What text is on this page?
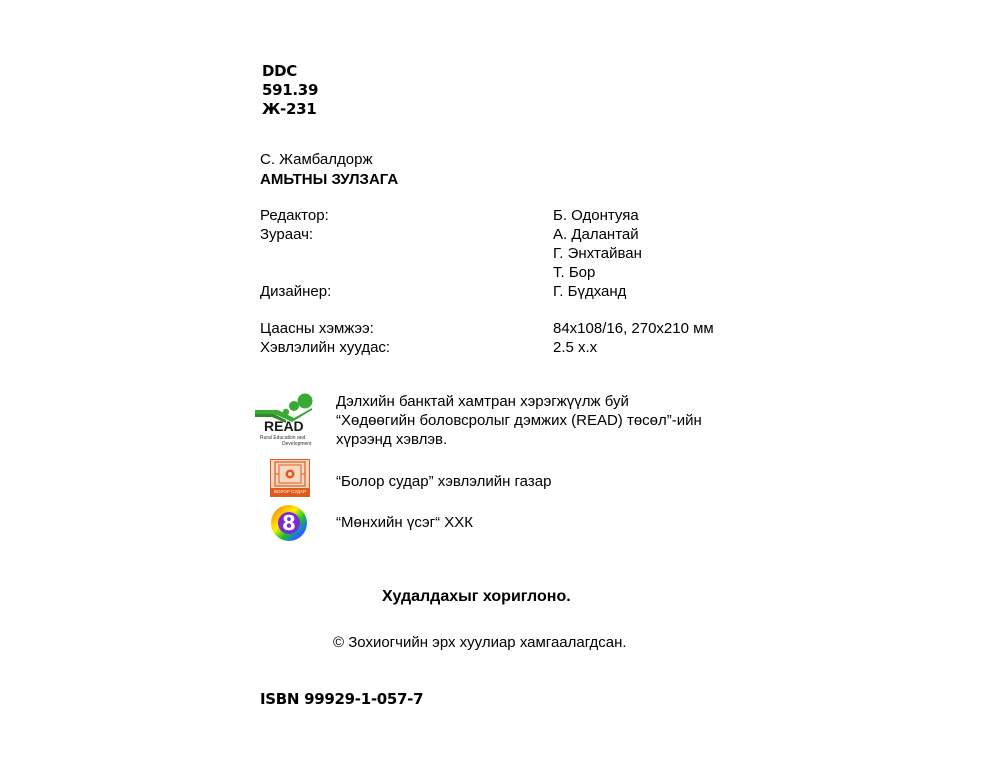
DDC
591.39
Ж-231
С. Жамбалдорж
АМЬТНЫ ЗУЛЗАГА
Редактор:	Б. Одонтуяа
Зураач:	А. Далантай
Г. Энхтайван
Т. Бор
Дизайнер:	Г. Бүдханд
Цаасны хэмжээ:	84x108/16, 270x210 мм
Хэвлэлийн хуудас:	2.5 х.х
READ
Rural Education and
Development
Дэлхийн банктай хамтран хэрэгжүүлж буй
“Хөдөөгийн боловсролыг дэмжих (READ) төсөл”-ийн
хүрээнд хэвлэв.
БОЛОР СУДАР
“Болор судар” хэвлэлийн газар
8	“Мөнхийн үсэг“ ХХК
Худалдахыг хориглоно.
© Зохиогчийн эрх хуулиар хамгаалагдсан.
ISBN 99929-1-057-7
